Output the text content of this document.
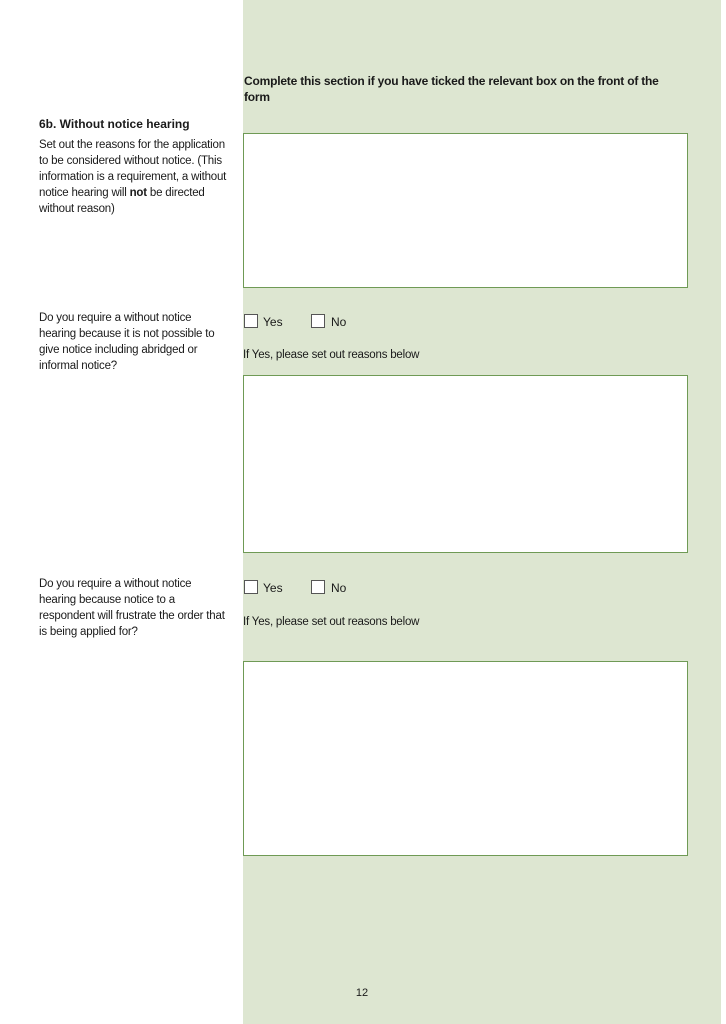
Complete this section if you have ticked the relevant box on the front of the form
6b. Without notice hearing
Set out the reasons for the application to be considered without notice. (This information is a requirement, a without notice hearing will not be directed without reason)
Do you require a without notice hearing because it is not possible to give notice including abridged or informal notice?
Yes	No
If Yes, please set out reasons below
Do you require a without notice hearing because notice to a respondent will frustrate the order that is being applied for?
Yes	No
If Yes, please set out reasons below
12
